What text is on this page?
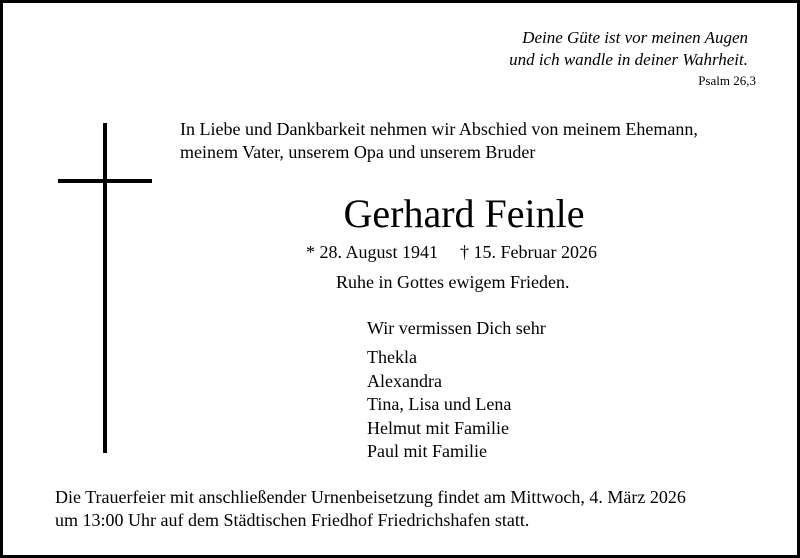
Deine Güte ist vor meinen Augen
und ich wandle in deiner Wahrheit.
Psalm 26,3
In Liebe und Dankbarkeit nehmen wir Abschied von meinem Ehemann,
meinem Vater, unserem Opa und unserem Bruder
Gerhard Feinle
* 28. August 1941 † 15. Februar 2026
Ruhe in Gottes ewigem Frieden.
Wir vermissen Dich sehr
Thekla
Alexandra
Tina, Lisa und Lena
Helmut mit Familie
Paul mit Familie
Die Trauerfeier mit anschließender Urnenbeisetzung findet am Mittwoch, 4. März 2026
um 13:00 Uhr auf dem Städtischen Friedhof Friedrichshafen statt.
